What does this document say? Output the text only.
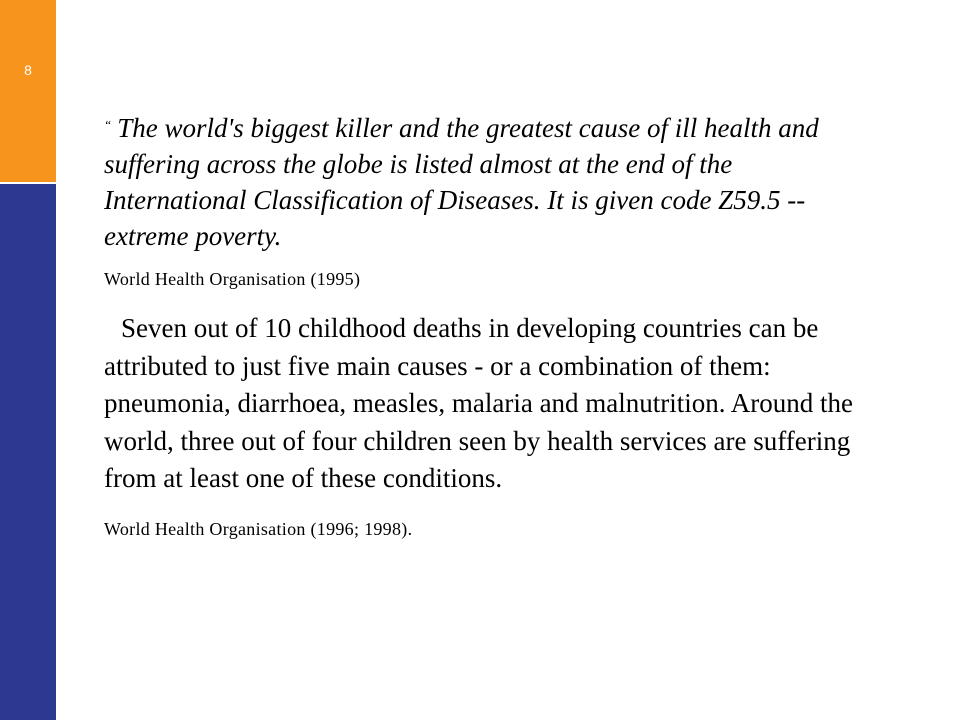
8

“ The world's biggest killer and the greatest cause of ill health and suffering across the globe is listed almost at the end of the International Classification of Diseases. It is given code Z59.5 -- extreme poverty.

World Health Organisation (1995)

Seven out of 10 childhood deaths in developing countries can be attributed to just five main causes - or a combination of them: pneumonia, diarrhoea, measles, malaria and malnutrition. Around the world, three out of four children seen by health services are suffering from at least one of these conditions.

World Health Organisation (1996; 1998).
